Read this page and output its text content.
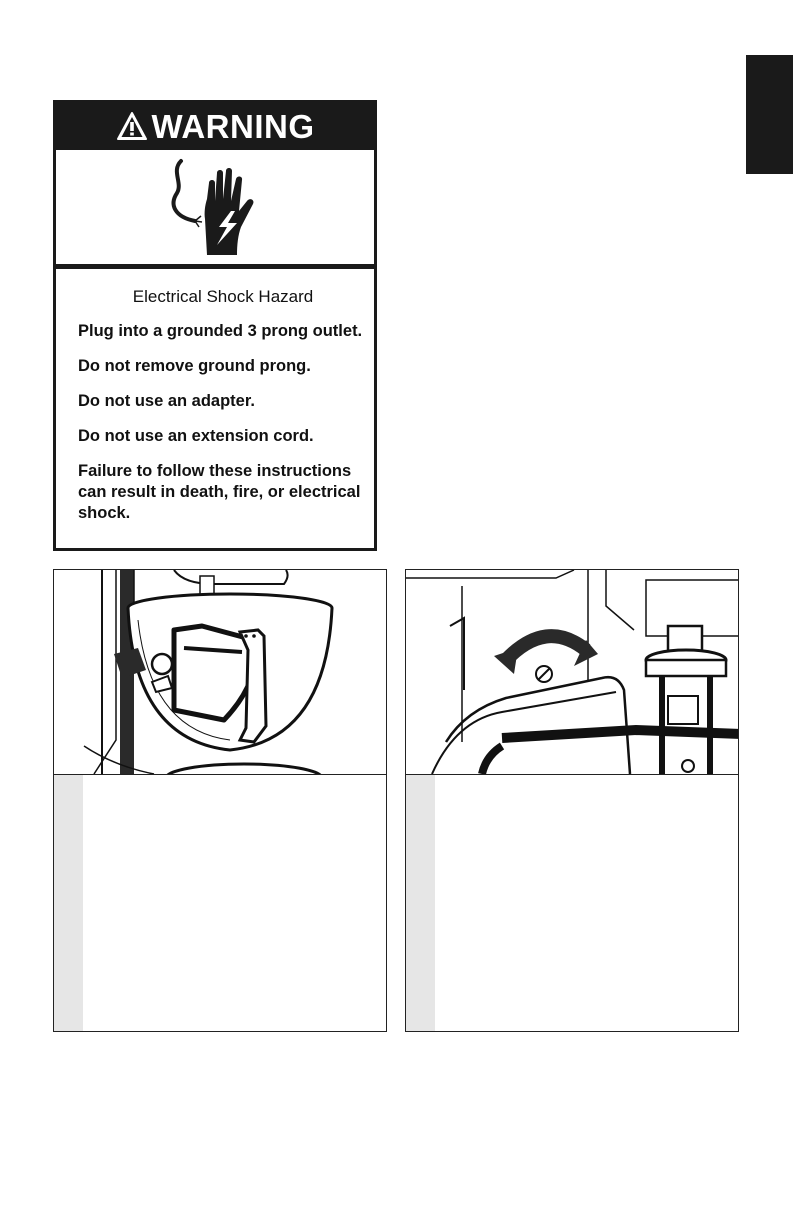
WARNING
Electrical Shock Hazard

Plug into a grounded 3 prong outlet.

Do not remove ground prong.

Do not use an adapter.

Do not use an extension cord.

Failure to follow these instructions can result in death, fire, or electrical shock.
